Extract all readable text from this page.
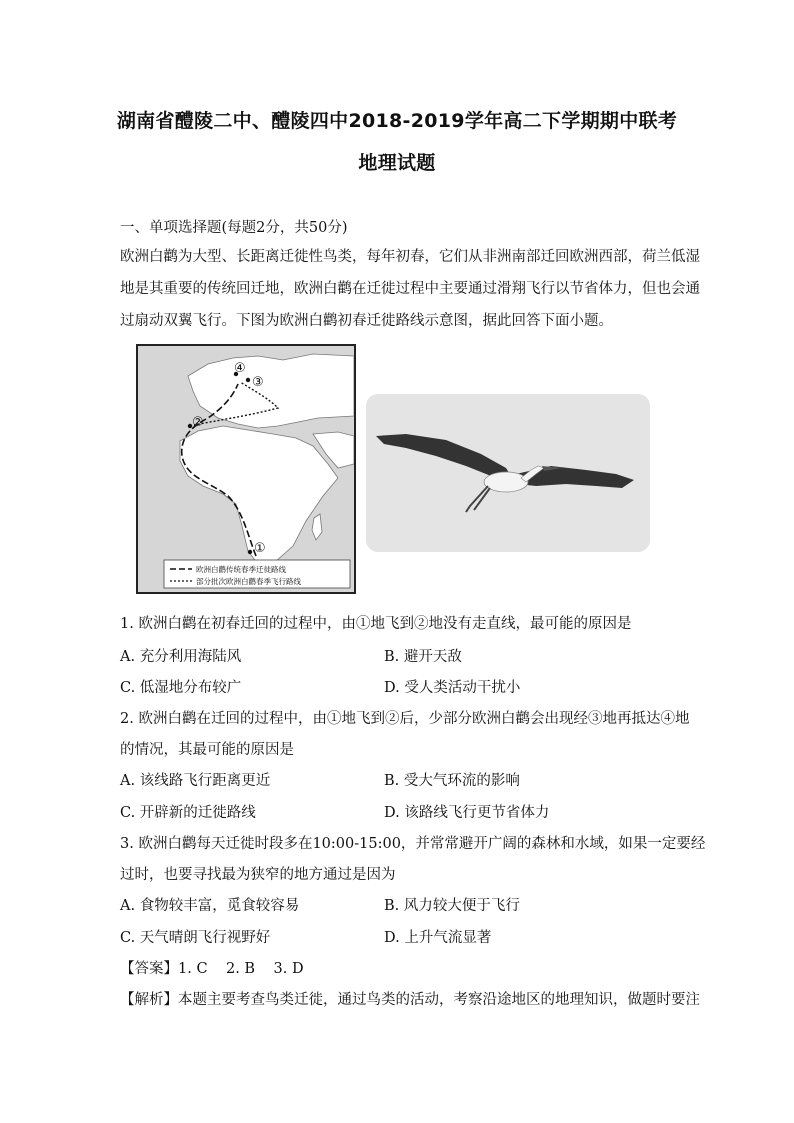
湖南省醴陵二中、醴陵四中2018-2019学年高二下学期期中联考
地理试题
一、单项选择题(每题2分，共50分)
欧洲白鹳为大型、长距离迁徙性鸟类，每年初春，它们从非洲南部迁回欧洲西部，荷兰低湿
地是其重要的传统回迁地，欧洲白鹳在迁徙过程中主要通过滑翔飞行以节省体力，但也会通
过扇动双翼飞行。下图为欧洲白鹳初春迁徙路线示意图，据此回答下面小题。
①
②
③
④
欧洲白鹳传统春季迁徙路线
部分批次欧洲白鹳春季飞行路线
1. 欧洲白鹳在初春迁回的过程中，由①地飞到②地没有走直线，最可能的原因是
A. 充分利用海陆风	B. 避开天敌
C. 低湿地分布较广	D. 受人类活动干扰小
2. 欧洲白鹳在迁回的过程中，由①地飞到②后，少部分欧洲白鹳会出现经③地再抵达④地
的情况，其最可能的原因是
A. 该线路飞行距离更近	B. 受大气环流的影响
C. 开辟新的迁徙路线	D. 该路线飞行更节省体力
3. 欧洲白鹳每天迁徙时段多在10:00-15:00，并常常避开广阔的森林和水域，如果一定要经
过时，也要寻找最为狭窄的地方通过是因为
A. 食物较丰富，觅食较容易	B. 风力较大便于飞行
C. 天气晴朗飞行视野好	D. 上升气流显著
【答案】1. C    2. B    3. D
【解析】本题主要考查鸟类迁徙，通过鸟类的活动，考察沿途地区的地理知识，做题时要注
